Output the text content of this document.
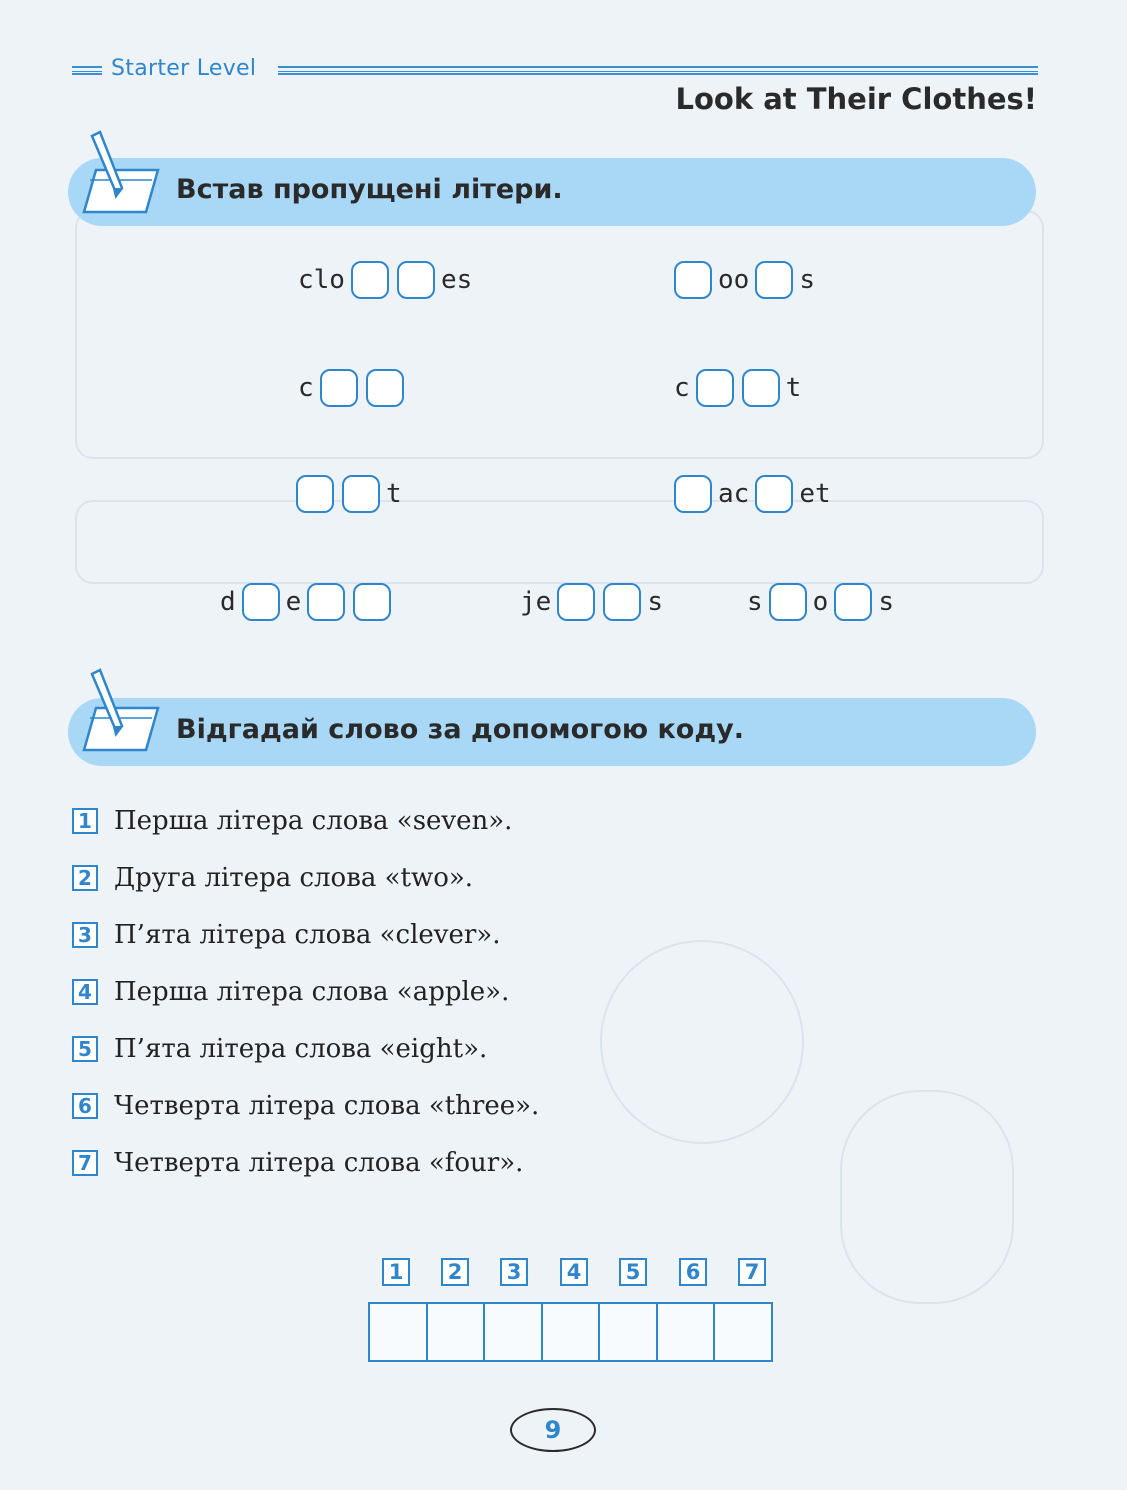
Starter Level
Look at Their Clothes!
Встав пропущені літери.
clo	es	oo s
c	c	t
t	ac et
d e	je	s	s o s
Відгадай слово за допомогою коду.
1 Перша літера слова «seven».
2 Друга літера слова «two».
3 П’ята літера слова «clever».
4 Перша літера слова «apple».
5 П’ята літера слова «eight».
6 Четверта літера слова «three».
7 Четверта літера слова «four».
1	2	3	4	5	6	7
9
